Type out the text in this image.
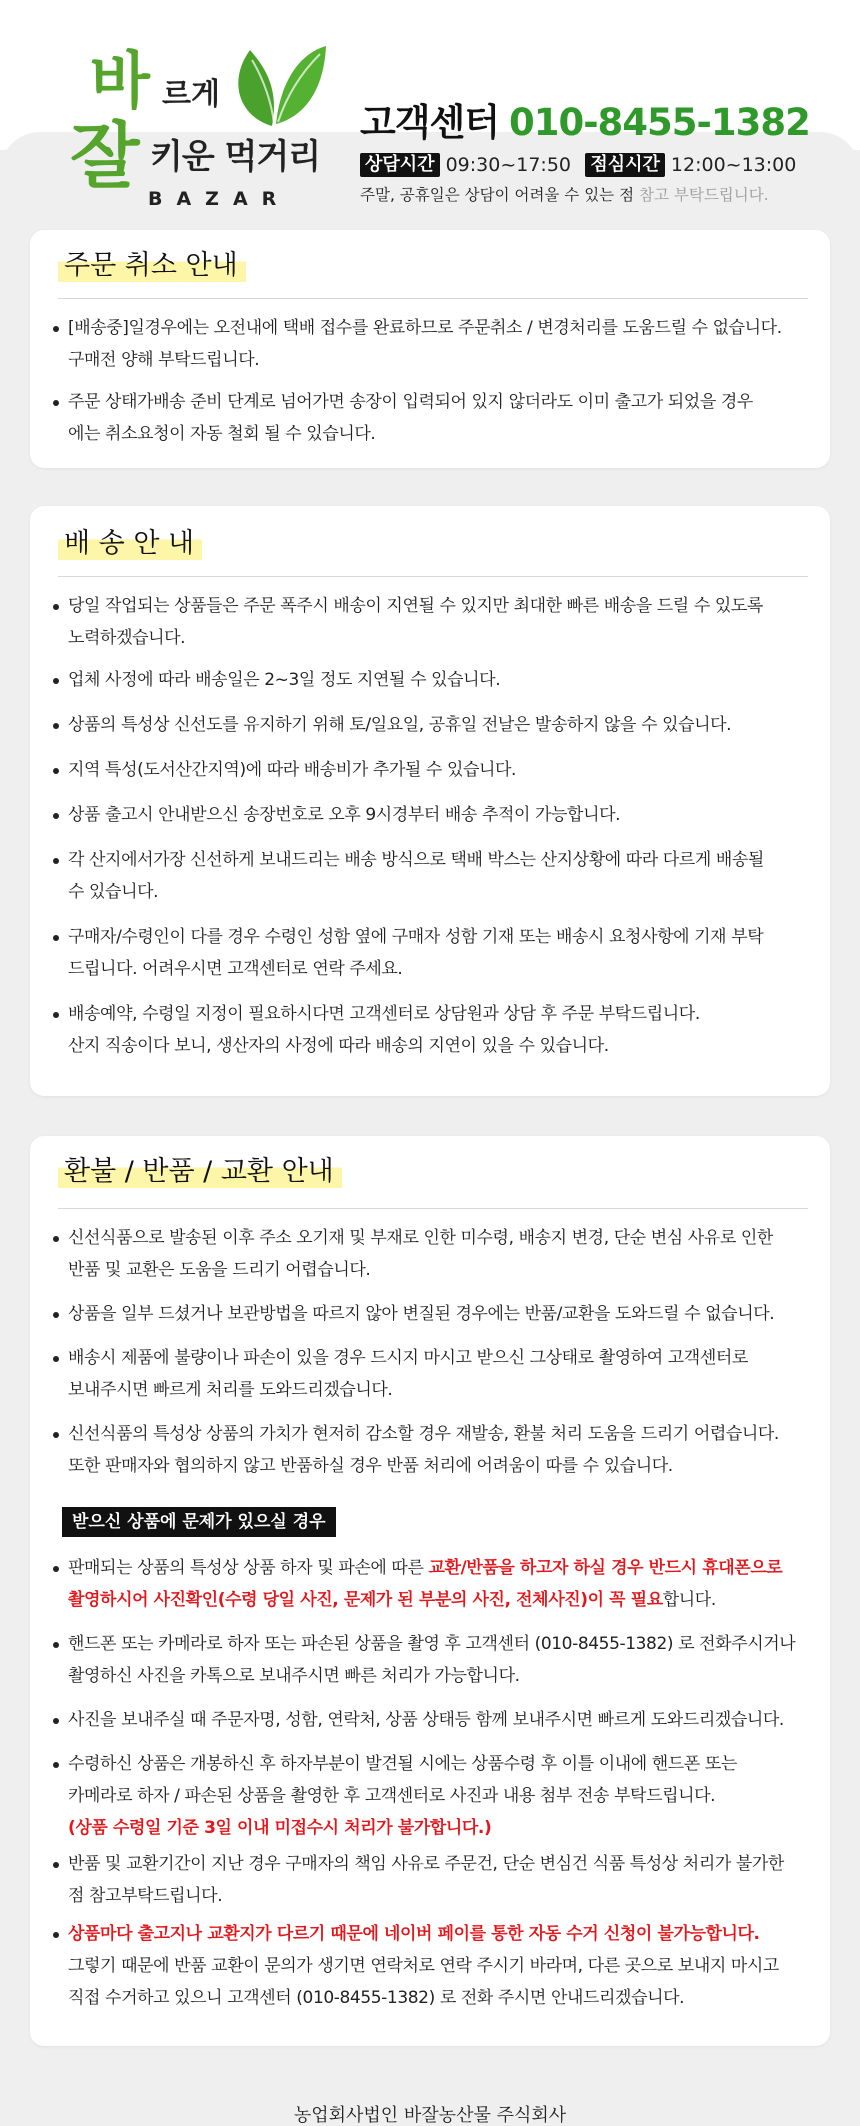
바 르게
잘 키운 먹거리
BAZAR
고객센터 010-8455-1382
상담시간 09:30~17:50 점심시간 12:00~13:00
주말, 공휴일은 상담이 어려울 수 있는 점 참고 부탁드립니다.
주문 취소 안내
[배송중]일경우에는 오전내에 택배 접수를 완료하므로 주문취소 / 변경처리를 도움드릴 수 없습니다.
구매전 양해 부탁드립니다.
주문 상태가배송 준비 단계로 넘어가면 송장이 입력되어 있지 않더라도 이미 출고가 되었을 경우
에는 취소요청이 자동 철회 될 수 있습니다.
배 송 안 내
당일 작업되는 상품들은 주문 폭주시 배송이 지연될 수 있지만 최대한 빠른 배송을 드릴 수 있도록
노력하겠습니다.
업체 사정에 따라 배송일은 2~3일 정도 지연될 수 있습니다.
상품의 특성상 신선도를 유지하기 위해 토/일요일, 공휴일 전날은 발송하지 않을 수 있습니다.
지역 특성(도서산간지역)에 따라 배송비가 추가될 수 있습니다.
상품 출고시 안내받으신 송장번호로 오후 9시경부터 배송 추적이 가능합니다.
각 산지에서가장 신선하게 보내드리는 배송 방식으로 택배 박스는 산지상황에 따라 다르게 배송될
수 있습니다.
구매자/수령인이 다를 경우 수령인 성함 옆에 구매자 성함 기재 또는 배송시 요청사항에 기재 부탁
드립니다. 어려우시면 고객센터로 연락 주세요.
배송예약, 수령일 지정이 필요하시다면 고객센터로 상담원과 상담 후 주문 부탁드립니다.
산지 직송이다 보니, 생산자의 사정에 따라 배송의 지연이 있을 수 있습니다.
환불 / 반품 / 교환 안내
신선식품으로 발송된 이후 주소 오기재 및 부재로 인한 미수령, 배송지 변경, 단순 변심 사유로 인한
반품 및 교환은 도움을 드리기 어렵습니다.
상품을 일부 드셨거나 보관방법을 따르지 않아 변질된 경우에는 반품/교환을 도와드릴 수 없습니다.
배송시 제품에 불량이나 파손이 있을 경우 드시지 마시고 받으신 그상태로 촬영하여 고객센터로
보내주시면 빠르게 처리를 도와드리겠습니다.
신선식품의 특성상 상품의 가치가 현저히 감소할 경우 재발송, 환불 처리 도움을 드리기 어렵습니다.
또한 판매자와 협의하지 않고 반품하실 경우 반품 처리에 어려움이 따를 수 있습니다.
받으신 상품에 문제가 있으실 경우
판매되는 상품의 특성상 상품 하자 및 파손에 따른 교환/반품을 하고자 하실 경우 반드시 휴대폰으로
촬영하시어 사진확인(수령 당일 사진, 문제가 된 부분의 사진, 전체사진)이 꼭 필요합니다.
핸드폰 또는 카메라로 하자 또는 파손된 상품을 촬영 후 고객센터 (010-8455-1382) 로 전화주시거나
촬영하신 사진을 카톡으로 보내주시면 빠른 처리가 가능합니다.
사진을 보내주실 때 주문자명, 성함, 연락처, 상품 상태등 함께 보내주시면 빠르게 도와드리겠습니다.
수령하신 상품은 개봉하신 후 하자부분이 발견될 시에는 상품수령 후 이틀 이내에 핸드폰 또는
카메라로 하자 / 파손된 상품을 촬영한 후 고객센터로 사진과 내용 첨부 전송 부탁드립니다.
(상품 수령일 기준 3일 이내 미접수시 처리가 불가합니다.)
반품 및 교환기간이 지난 경우 구매자의 책임 사유로 주문건, 단순 변심건 식품 특성상 처리가 불가한
점 참고부탁드립니다.
상품마다 출고지나 교환지가 다르기 때문에 네이버 페이를 통한 자동 수거 신청이 불가능합니다.
그렇기 때문에 반품 교환이 문의가 생기면 연락처로 연락 주시기 바라며, 다른 곳으로 보내지 마시고
직접 수거하고 있으니 고객센터 (010-8455-1382) 로 전화 주시면 안내드리겠습니다.
농업회사법인 바잘농산물 주식회사
